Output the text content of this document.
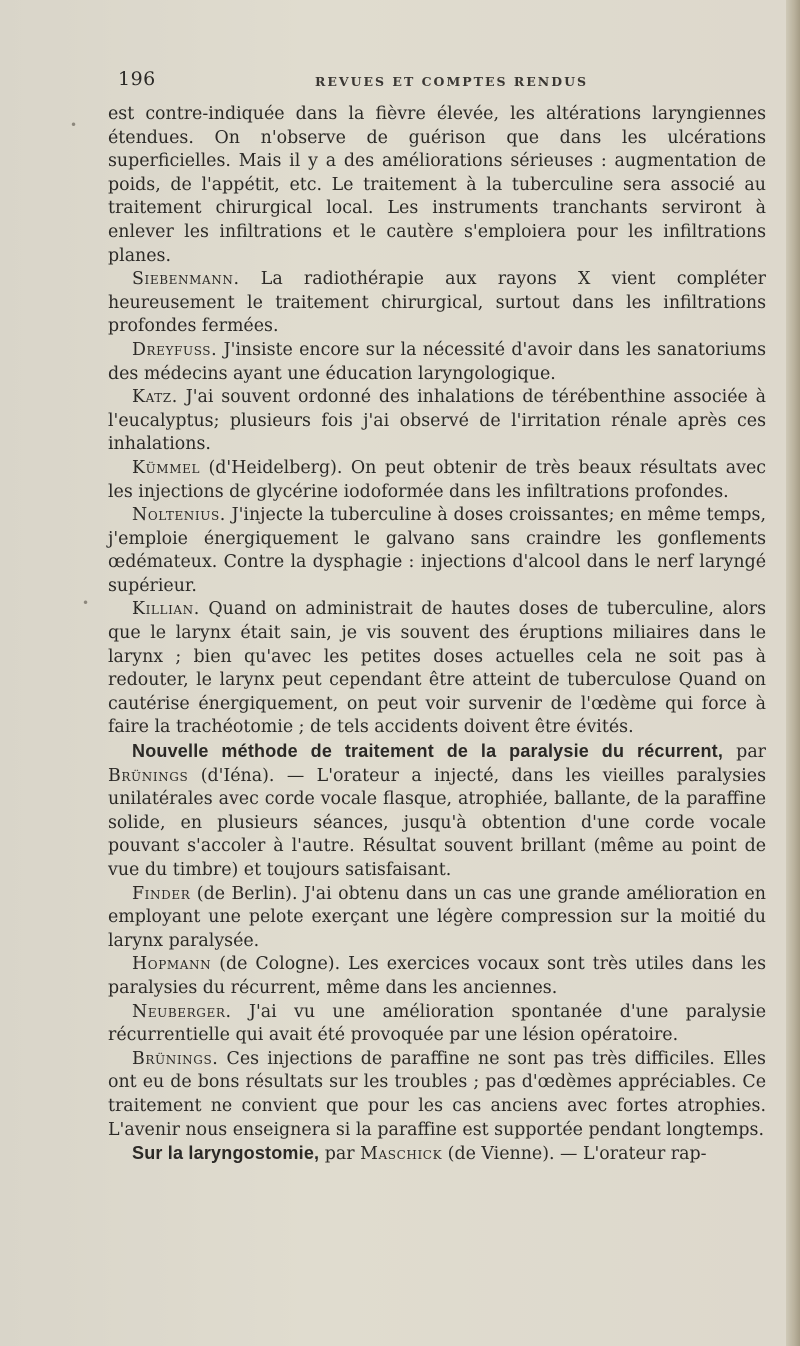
•
•
196	REVUES ET COMPTES RENDUS

est contre-indiquée dans la fièvre élevée, les altérations laryngiennes étendues. On n'observe de guérison que dans les ulcérations superficielles. Mais il y a des améliorations sérieuses : augmentation de poids, de l'appétit, etc. Le traitement à la tuberculine sera associé au traitement chirurgical local. Les instruments tranchants serviront à enlever les infiltrations et le cautère s'emploiera pour les infiltrations planes.

Siebenmann. La radiothérapie aux rayons X vient compléter heureusement le traitement chirurgical, surtout dans les infiltrations profondes fermées.

Dreyfuss. J'insiste encore sur la nécessité d'avoir dans les sanatoriums des médecins ayant une éducation laryngologique.

Katz. J'ai souvent ordonné des inhalations de térébenthine associée à l'eucalyptus; plusieurs fois j'ai observé de l'irritation rénale après ces inhalations.

Kümmel (d'Heidelberg). On peut obtenir de très beaux résultats avec les injections de glycérine iodoformée dans les infiltrations profondes.

Noltenius. J'injecte la tuberculine à doses croissantes; en même temps, j'emploie énergiquement le galvano sans craindre les gonflements œdémateux. Contre la dysphagie : injections d'alcool dans le nerf laryngé supérieur.

Killian. Quand on administrait de hautes doses de tuberculine, alors que le larynx était sain, je vis souvent des éruptions miliaires dans le larynx ; bien qu'avec les petites doses actuelles cela ne soit pas à redouter, le larynx peut cependant être atteint de tuberculose Quand on cautérise énergiquement, on peut voir survenir de l'œdème qui force à faire la trachéotomie ; de tels accidents doivent être évités.

Nouvelle méthode de traitement de la paralysie du récurrent, par Brünings (d'Iéna). — L'orateur a injecté, dans les vieilles paralysies unilatérales avec corde vocale flasque, atrophiée, ballante, de la paraffine solide, en plusieurs séances, jusqu'à obtention d'une corde vocale pouvant s'accoler à l'autre. Résultat souvent brillant (même au point de vue du timbre) et toujours satisfaisant.

Finder (de Berlin). J'ai obtenu dans un cas une grande amélioration en employant une pelote exerçant une légère compression sur la moitié du larynx paralysée.

Hopmann (de Cologne). Les exercices vocaux sont très utiles dans les paralysies du récurrent, même dans les anciennes.

Neuberger. J'ai vu une amélioration spontanée d'une paralysie récurrentielle qui avait été provoquée par une lésion opératoire.

Brünings. Ces injections de paraffine ne sont pas très difficiles. Elles ont eu de bons résultats sur les troubles ; pas d'œdèmes appréciables. Ce traitement ne convient que pour les cas anciens avec fortes atrophies. L'avenir nous enseignera si la paraffine est supportée pendant longtemps.

Sur la laryngostomie, par Maschick (de Vienne). — L'orateur rap-
